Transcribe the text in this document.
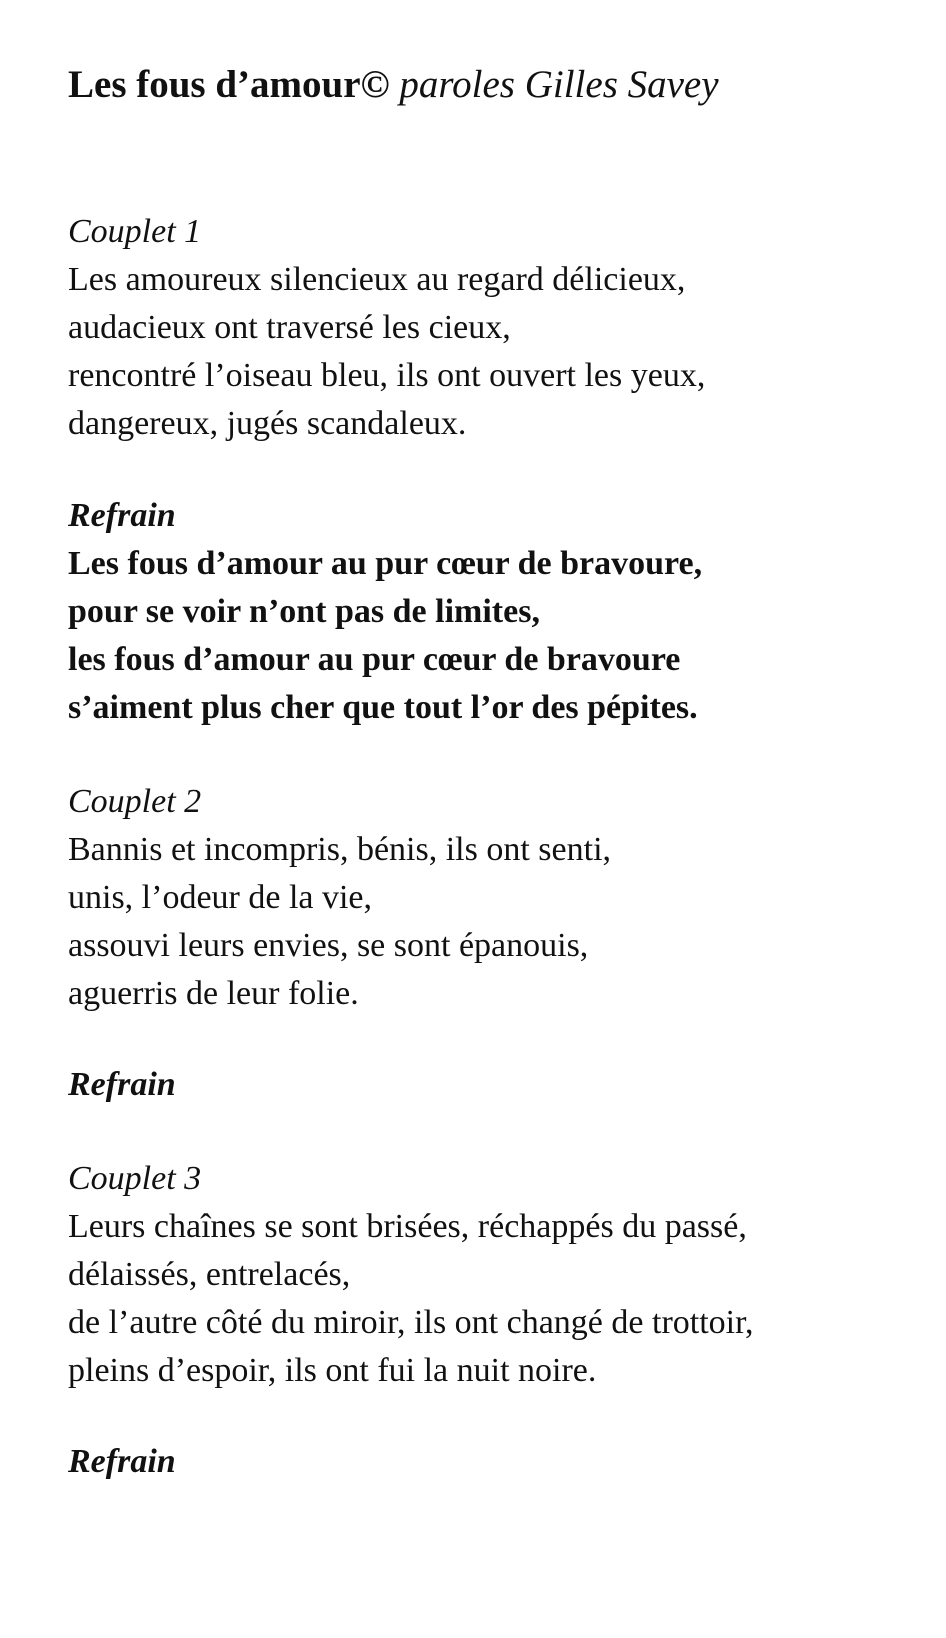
Les fous d’amour© paroles Gilles Savey

Couplet 1

Les amoureux silencieux au regard délicieux,

audacieux ont traversé les cieux,

rencontré l’oiseau bleu, ils ont ouvert les yeux,

dangereux, jugés scandaleux.

Refrain

Les fous d’amour au pur cœur de bravoure,

pour se voir n’ont pas de limites,

les fous d’amour au pur cœur de bravoure

s’aiment plus cher que tout l’or des pépites.

Couplet 2

Bannis et incompris, bénis, ils ont senti,

unis, l’odeur de la vie,

assouvi leurs envies, se sont épanouis,

aguerris de leur folie.

Refrain

Couplet 3

Leurs chaînes se sont brisées, réchappés du passé,

délaissés, entrelacés,

de l’autre côté du miroir, ils ont changé de trottoir,

pleins d’espoir, ils ont fui la nuit noire.

Refrain
